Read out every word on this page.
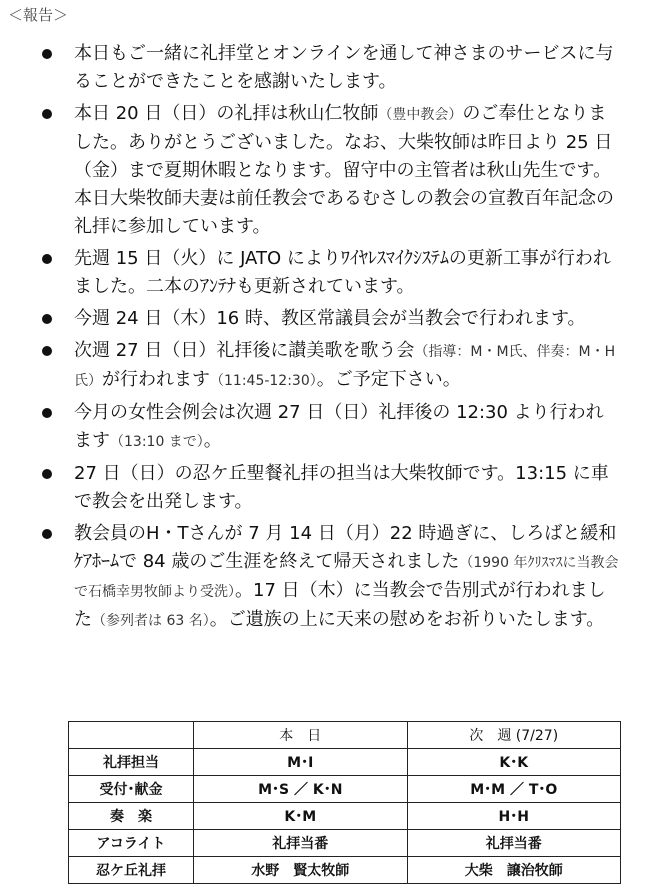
＜報告＞
本日もご一緒に礼拝堂とオンラインを通して神さまのサービスに与ることができたことを感謝いたします。
本日 20 日（日）の礼拝は秋山仁牧師（豊中教会）のご奉仕となりました。ありがとうございました。なお、大柴牧師は昨日より 25 日（金）まで夏期休暇となります。留守中の主管者は秋山先生です。本日大柴牧師夫妻は前任教会であるむさしの教会の宣教百年記念の礼拝に参加しています。
先週 15 日（火）に JATO によりﾜｲﾔﾚｽﾏｲｸｼｽﾃﾑの更新工事が行われました。二本のｱﾝﾃﾅも更新されています。
今週 24 日（木）16 時、教区常議員会が当教会で行われます。
次週 27 日（日）礼拝後に讃美歌を歌う会（指導：M・M氏、伴奏：M・H氏）が行われます（11:45-12:30）。ご予定下さい。
今月の女性会例会は次週 27 日（日）礼拝後の 12:30 より行われます（13:10 まで）。
27 日（日）の忍ケ丘聖餐礼拝の担当は大柴牧師です。13:15 に車で教会を出発します。
教会員のH・Tさんが 7 月 14 日（月）22 時過ぎに、しろばと緩和ｹｱﾎｰﾑで 84 歳のご生涯を終えて帰天されました（1990 年ｸﾘｽﾏｽに当教会で石橋幸男牧師より受洗）。17 日（木）に当教会で告別式が行われました（参列者は 63 名）。ご遺族の上に天来の慰めをお祈りいたします。
	本　日	次　週 (7/27)
礼拝担当	M･I	K･K
受付･献金	M･S ／ K･N	M･M ／ T･O
奏　楽	K･M	H･H
アコライト	礼拝当番	礼拝当番
忍ケ丘礼拝	水野　賢太牧師	大柴　譲治牧師
